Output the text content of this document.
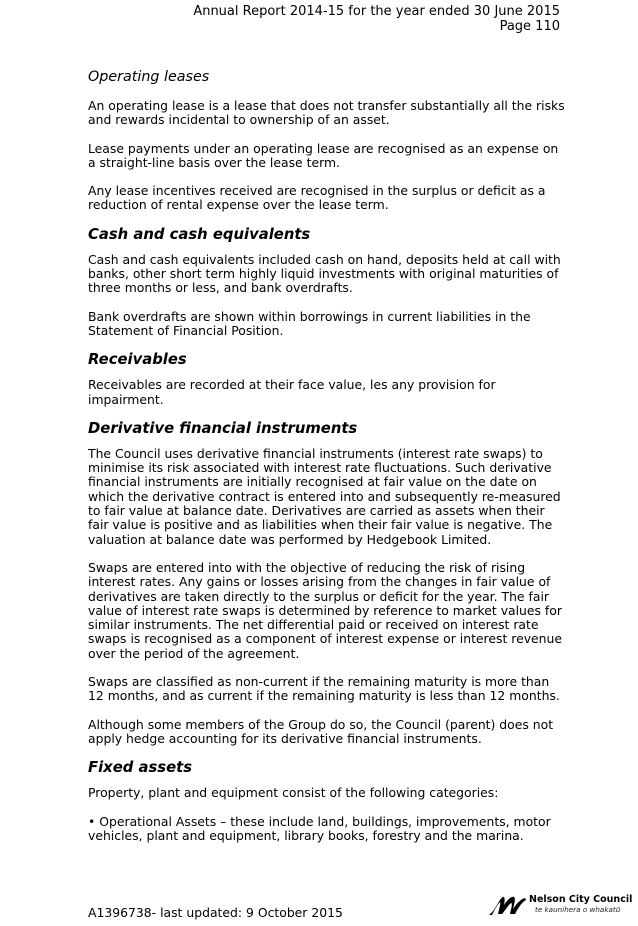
Annual Report 2014-15 for the year ended 30 June 2015
Page 110
Operating leases

An operating lease is a lease that does not transfer substantially all the risks and rewards incidental to ownership of an asset.

Lease payments under an operating lease are recognised as an expense on a straight-line basis over the lease term.

Any lease incentives received are recognised in the surplus or deficit as a reduction of rental expense over the lease term.

Cash and cash equivalents

Cash and cash equivalents included cash on hand, deposits held at call with banks, other short term highly liquid investments with original maturities of three months or less, and bank overdrafts.

Bank overdrafts are shown within borrowings in current liabilities in the Statement of Financial Position.

Receivables

Receivables are recorded at their face value, les any provision for impairment.

Derivative financial instruments

The Council uses derivative financial instruments (interest rate swaps) to minimise its risk associated with interest rate fluctuations. Such derivative financial instruments are initially recognised at fair value on the date on which the derivative contract is entered into and subsequently re-measured to fair value at balance date. Derivatives are carried as assets when their fair value is positive and as liabilities when their fair value is negative. The valuation at balance date was performed by Hedgebook Limited.

Swaps are entered into with the objective of reducing the risk of rising interest rates. Any gains or losses arising from the changes in fair value of derivatives are taken directly to the surplus or deficit for the year. The fair value of interest rate swaps is determined by reference to market values for similar instruments. The net differential paid or received on interest rate swaps is recognised as a component of interest expense or interest revenue over the period of the agreement.

Swaps are classified as non-current if the remaining maturity is more than 12 months, and as current if the remaining maturity is less than 12 months.

Although some members of the Group do so, the Council (parent) does not apply hedge accounting for its derivative financial instruments.

Fixed assets

Property, plant and equipment consist of the following categories:

• Operational Assets – these include land, buildings, improvements, motor vehicles, plant and equipment, library books, forestry and the marina.

A1396738- last updated: 9 October 2015
Nelson City Council
te kaunihera o whakatū
